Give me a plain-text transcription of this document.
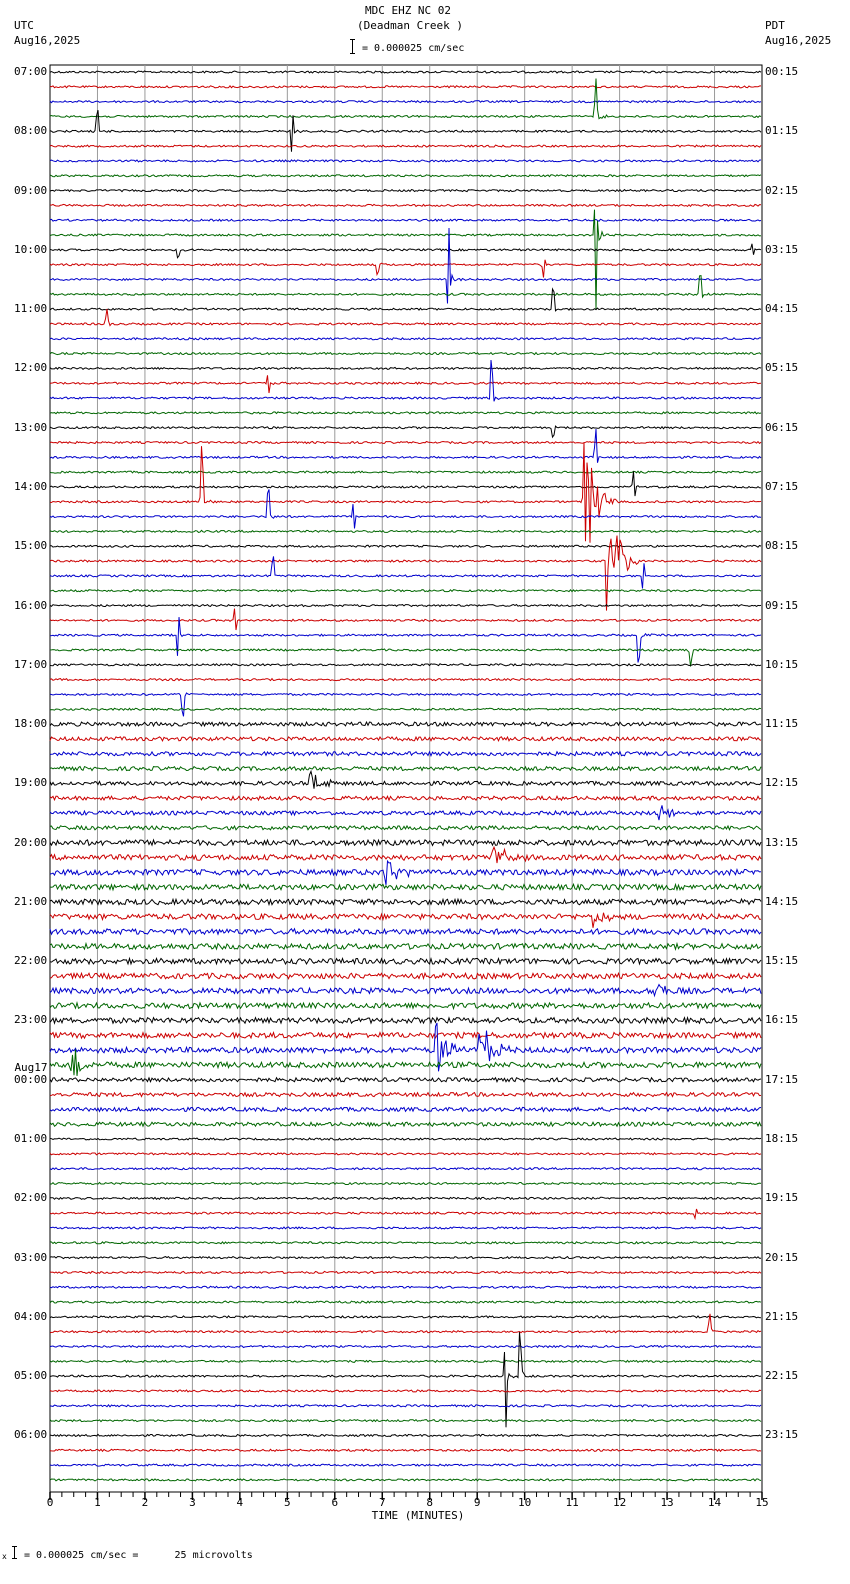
MDC EHZ NC 02
(Deadman Creek )
UTC
Aug16,2025
PDT
Aug16,2025
= 0.000025 cm/sec
07:00
08:00
09:00
10:00
11:00
12:00
13:00
14:00
15:00
16:00
17:00
18:00
19:00
20:00
21:00
22:00
23:00
00:00
01:00
02:00
03:00
04:00
05:00
06:00
00:15
01:15
02:15
03:15
04:15
05:15
06:15
07:15
08:15
09:15
10:15
11:15
12:15
13:15
14:15
15:15
16:15
17:15
18:15
19:15
20:15
21:15
22:15
23:15
0	1	2	3	4	5	6	7	8	9	10	11	12	13	14	15
Aug17
TIME (MINUTES)
x = 0.000025 cm/sec =      25 microvolts
